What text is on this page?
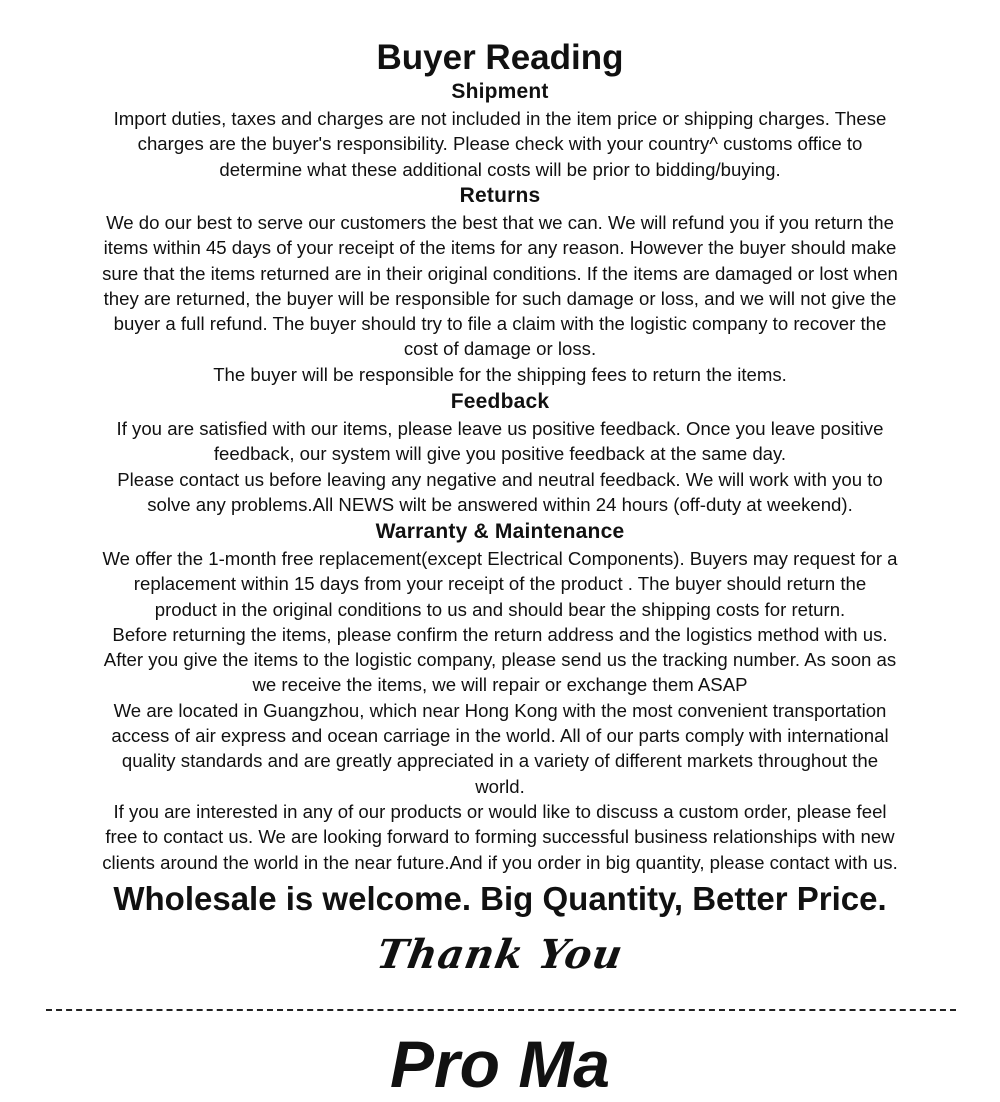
Buyer Reading
Shipment
Import duties, taxes and charges are not included in the item price or shipping charges. These
charges are the buyer's responsibility. Please check with your country^ customs office to
determine what these additional costs will be prior to bidding/buying.
Returns
We do our best to serve our customers the best that we can. We will refund you if you return the
items within 45 days of your receipt of the items for any reason. However the buyer should make
sure that the items returned are in their original conditions. If the items are damaged or lost when
they are returned, the buyer will be responsible for such damage or loss, and we will not give the
buyer a full refund. The buyer should try to file a claim with the logistic company to recover the
cost of damage or loss.
The buyer will be responsible for the shipping fees to return the items.
Feedback
If you are satisfied with our items, please leave us positive feedback. Once you leave positive
feedback, our system will give you positive feedback at the same day.
Please contact us before leaving any negative and neutral feedback. We will work with you to
solve any problems.All NEWS wilt be answered within 24 hours (off-duty at weekend).
Warranty & Maintenance
We offer the 1-month free replacement(except Electrical Components). Buyers may request for a
replacement within 15 days from your receipt of the product . The buyer should return the
product in the original conditions to us and should bear the shipping costs for return.
Before returning the items, please confirm the return address and the logistics method with us.
After you give the items to the logistic company, please send us the tracking number. As soon as
we receive the items, we will repair or exchange them ASAP
We are located in Guangzhou, which near Hong Kong with the most convenient transportation
access of air express and ocean carriage in the world. All of our parts comply with international
quality standards and are greatly appreciated in a variety of different markets throughout the
world.
If you are interested in any of our products or would like to discuss a custom order, please feel
free to contact us. We are looking forward to forming successful business relationships with new
clients around the world in the near future.And if you order in big quantity, please contact with us.

Wholesale is welcome. Big Quantity, Better Price.

Thank You

Pro Ma
